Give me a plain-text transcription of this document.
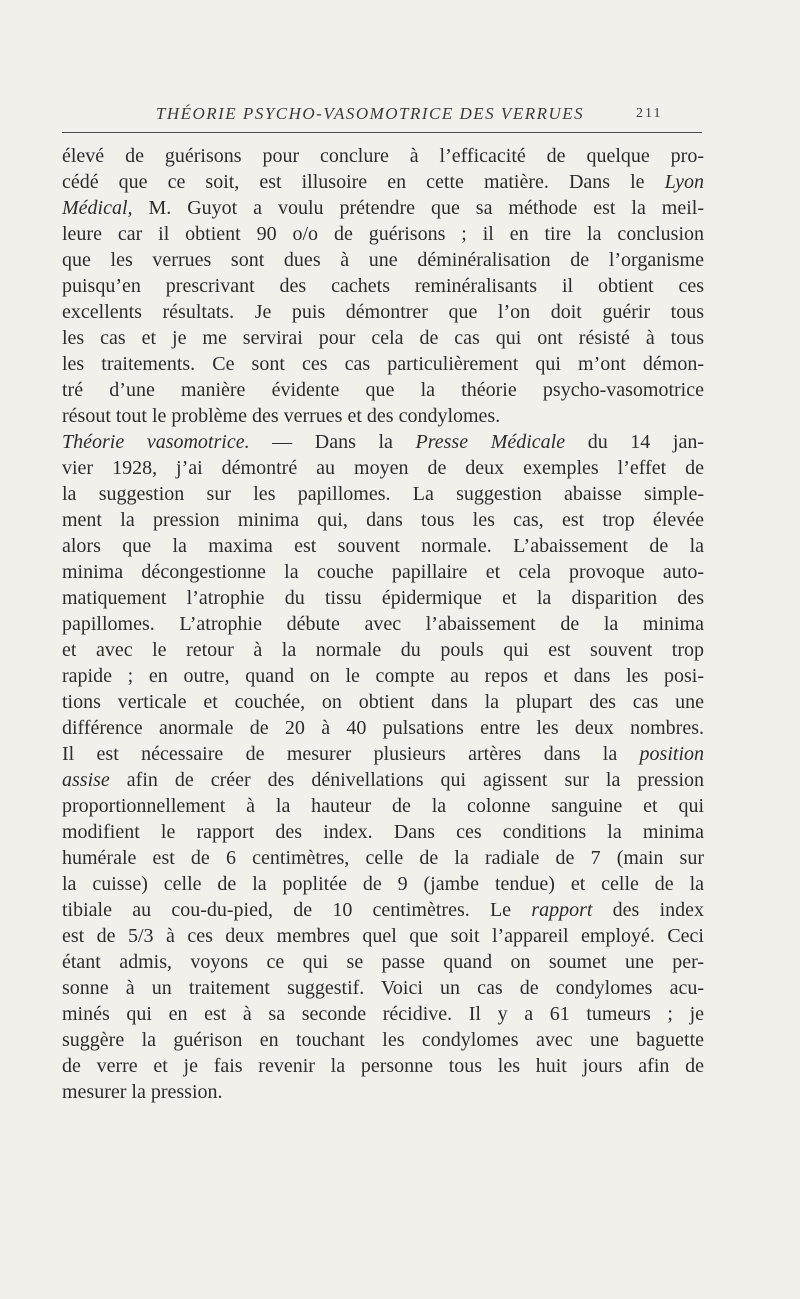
THÉORIE PSYCHO-VASOMOTRICE DES VERRUES	211
élevé de guérisons pour conclure à l’efficacité de quelque pro-
cédé que ce soit, est illusoire en cette matière. Dans le Lyon
Médical, M. Guyot a voulu prétendre que sa méthode est la meil-
leure car il obtient 90 o/o de guérisons ; il en tire la conclusion
que les verrues sont dues à une déminéralisation de l’organisme
puisqu’en prescrivant des cachets reminéralisants il obtient ces
excellents résultats. Je puis démontrer que l’on doit guérir tous
les cas et je me servirai pour cela de cas qui ont résisté à tous
les traitements. Ce sont ces cas particulièrement qui m’ont démon-
tré d’une manière évidente que la théorie psycho-vasomotrice
résout tout le problème des verrues et des condylomes.
Théorie vasomotrice. — Dans la Presse Médicale du 14 jan-
vier 1928, j’ai démontré au moyen de deux exemples l’effet de
la suggestion sur les papillomes. La suggestion abaisse simple-
ment la pression minima qui, dans tous les cas, est trop élevée
alors que la maxima est souvent normale. L’abaissement de la
minima décongestionne la couche papillaire et cela provoque auto-
matiquement l’atrophie du tissu épidermique et la disparition des
papillomes. L’atrophie débute avec l’abaissement de la minima
et avec le retour à la normale du pouls qui est souvent trop
rapide ; en outre, quand on le compte au repos et dans les posi-
tions verticale et couchée, on obtient dans la plupart des cas une
différence anormale de 20 à 40 pulsations entre les deux nombres.
Il est nécessaire de mesurer plusieurs artères dans la position
assise afin de créer des dénivellations qui agissent sur la pression
proportionnellement à la hauteur de la colonne sanguine et qui
modifient le rapport des index. Dans ces conditions la minima
humérale est de 6 centimètres, celle de la radiale de 7 (main sur
la cuisse) celle de la poplitée de 9 (jambe tendue) et celle de la
tibiale au cou-du-pied, de 10 centimètres. Le rapport des index
est de 5/3 à ces deux membres quel que soit l’appareil employé. Ceci
étant admis, voyons ce qui se passe quand on soumet une per-
sonne à un traitement suggestif. Voici un cas de condylomes acu-
minés qui en est à sa seconde récidive. Il y a 61 tumeurs ; je
suggère la guérison en touchant les condylomes avec une baguette
de verre et je fais revenir la personne tous les huit jours afin de
mesurer la pression.
